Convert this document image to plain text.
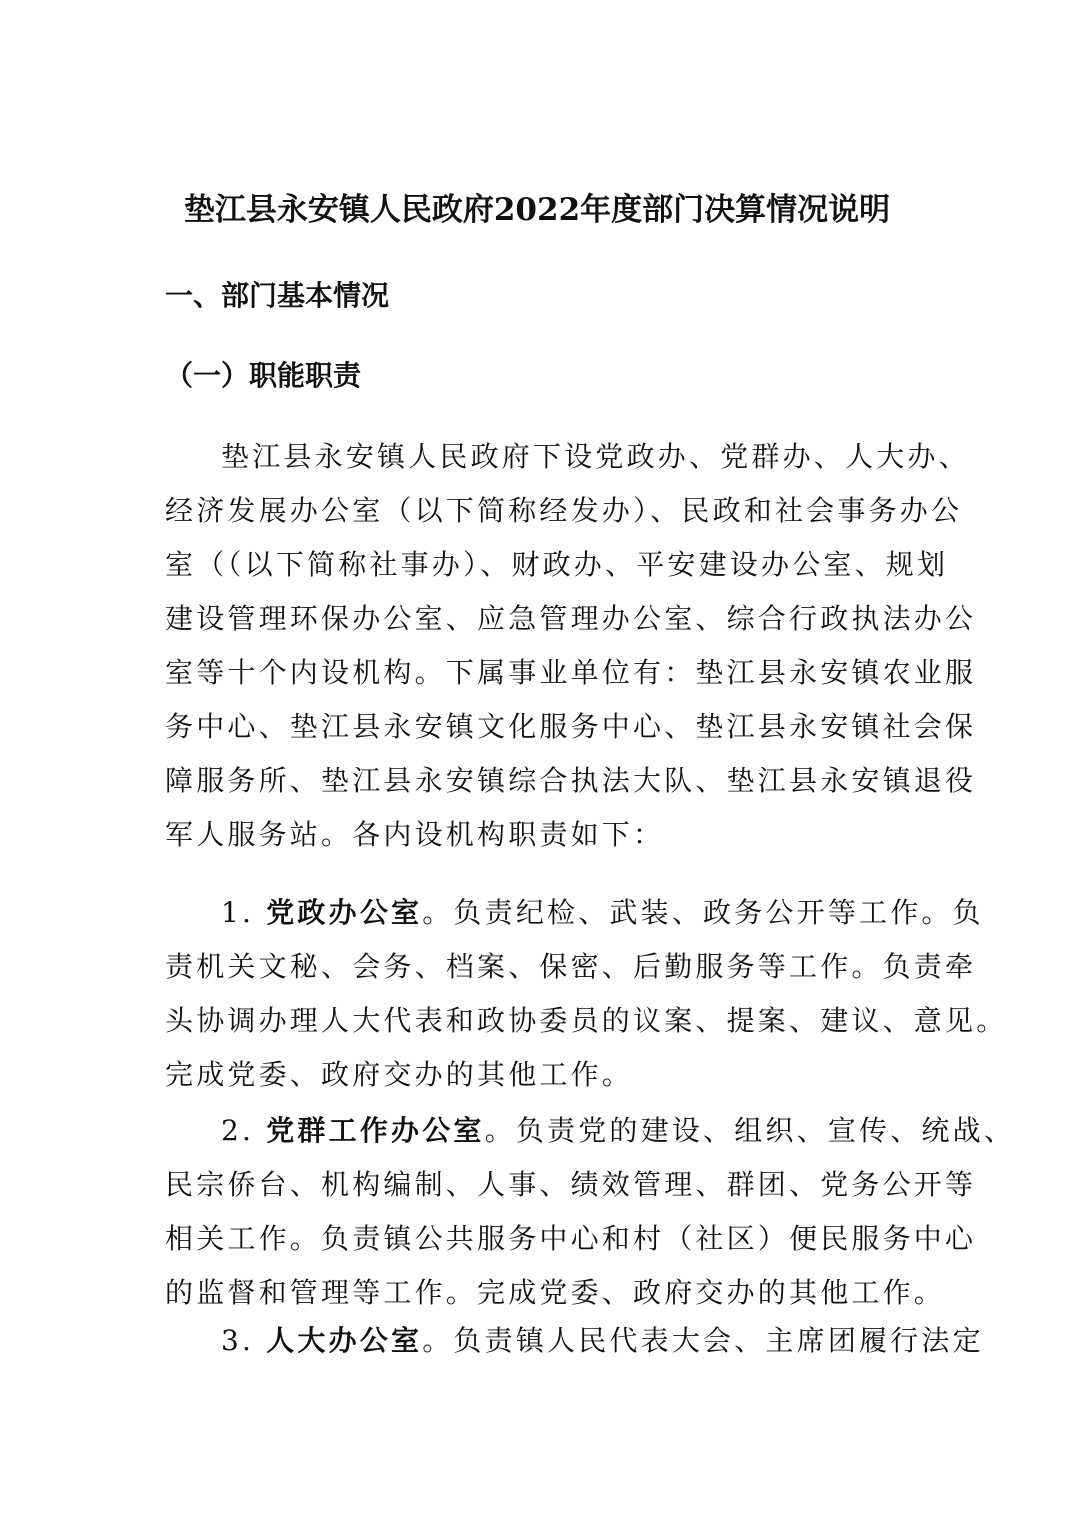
垫江县永安镇人民政府2022年度部门决算情况说明
一、部门基本情况
（一）职能职责
垫江县永安镇人民政府下设党政办、党群办、人大办、
经济发展办公室（以下简称经发办）、民政和社会事务办公
室（（以下简称社事办）、财政办、平安建设办公室、规划
建设管理环保办公室、应急管理办公室、综合行政执法办公
室等十个内设机构。下属事业单位有：垫江县永安镇农业服
务中心、垫江县永安镇文化服务中心、垫江县永安镇社会保
障服务所、垫江县永安镇综合执法大队、垫江县永安镇退役
军人服务站。各内设机构职责如下：
1. 党政办公室。负责纪检、武装、政务公开等工作。负
责机关文秘、会务、档案、保密、后勤服务等工作。负责牵
头协调办理人大代表和政协委员的议案、提案、建议、意见。
完成党委、政府交办的其他工作。
2. 党群工作办公室。负责党的建设、组织、宣传、统战、
民宗侨台、机构编制、人事、绩效管理、群团、党务公开等
相关工作。负责镇公共服务中心和村（社区）便民服务中心
的监督和管理等工作。完成党委、政府交办的其他工作。
3. 人大办公室。负责镇人民代表大会、主席团履行法定
